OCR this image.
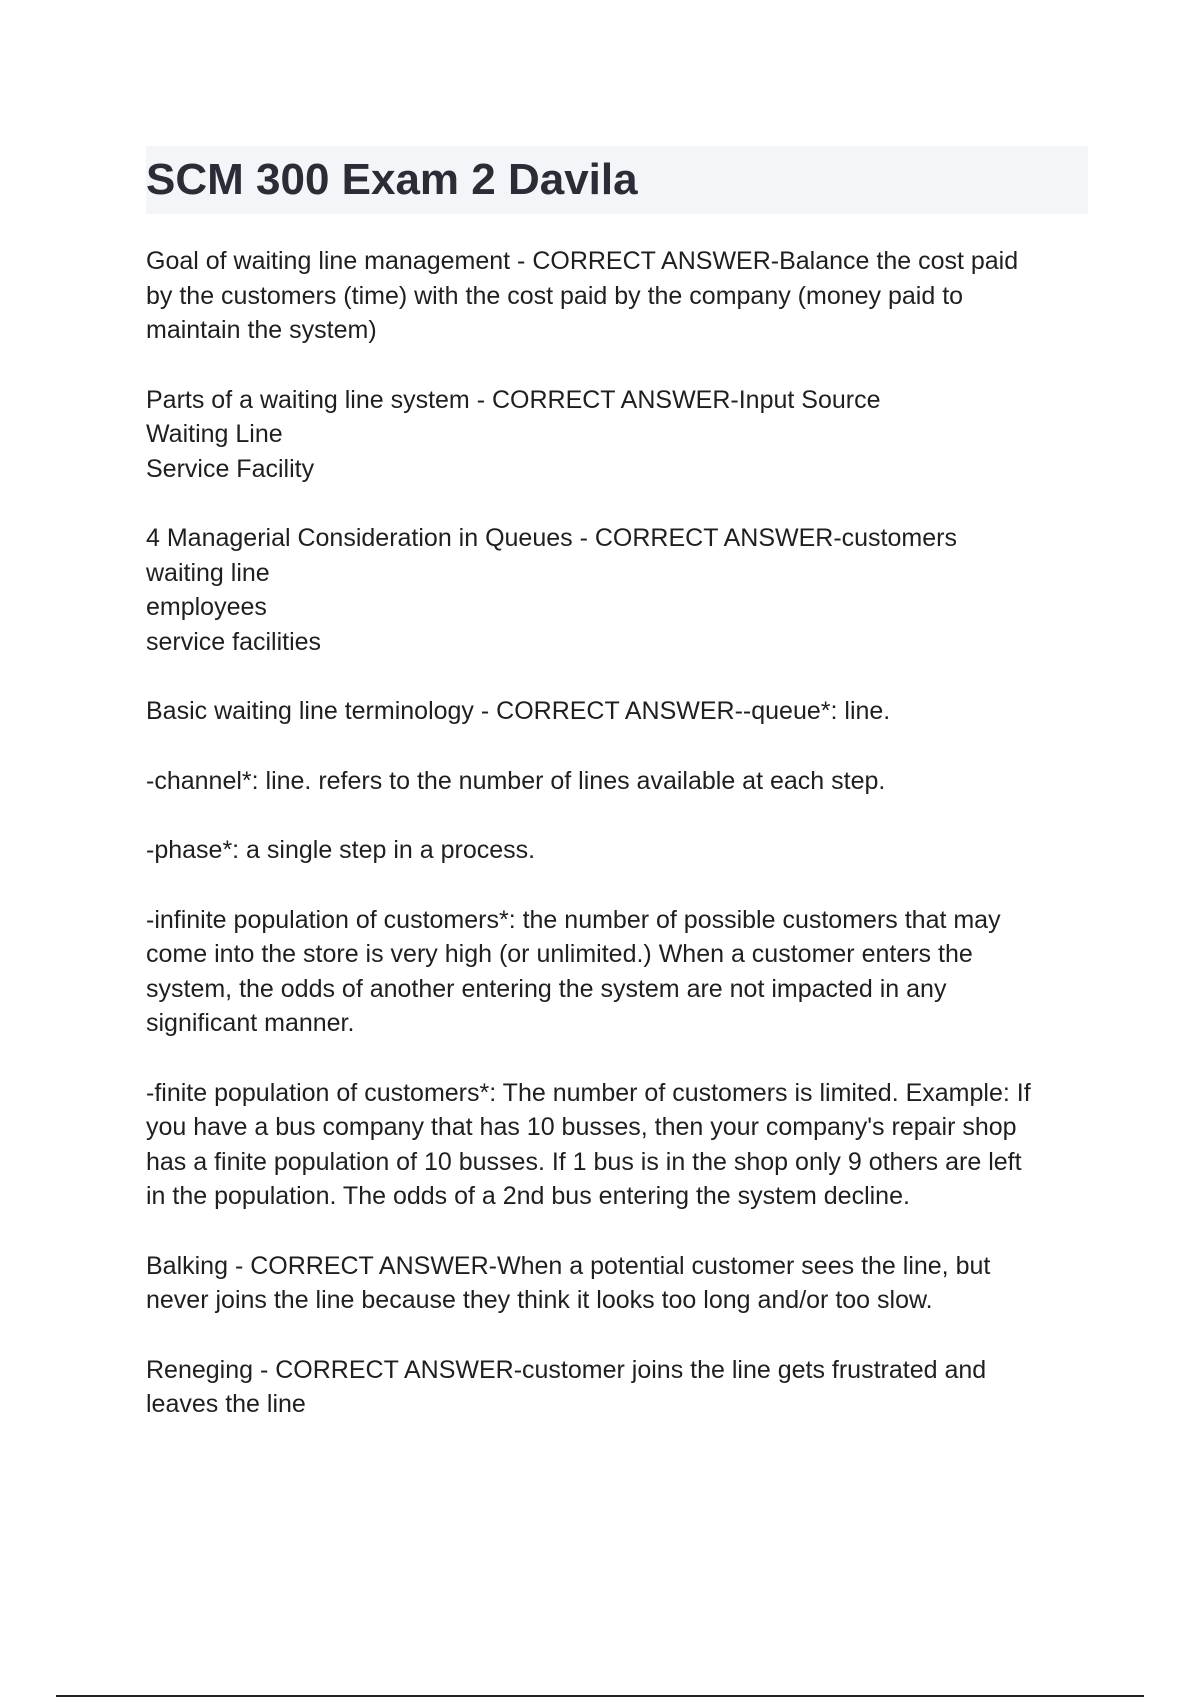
SCM 300 Exam 2 Davila

Goal of waiting line management - CORRECT ANSWER-Balance the cost paid
by the customers (time) with the cost paid by the company (money paid to
maintain the system)

Parts of a waiting line system - CORRECT ANSWER-Input Source
Waiting Line
Service Facility

4 Managerial Consideration in Queues - CORRECT ANSWER-customers
waiting line
employees
service facilities

Basic waiting line terminology - CORRECT ANSWER--queue*: line.

-channel*: line. refers to the number of lines available at each step.

-phase*: a single step in a process.

-infinite population of customers*: the number of possible customers that may
come into the store is very high (or unlimited.) When a customer enters the
system, the odds of another entering the system are not impacted in any
significant manner.

-finite population of customers*: The number of customers is limited. Example: If
you have a bus company that has 10 busses, then your company's repair shop
has a finite population of 10 busses. If 1 bus is in the shop only 9 others are left
in the population. The odds of a 2nd bus entering the system decline.

Balking - CORRECT ANSWER-When a potential customer sees the line, but
never joins the line because they think it looks too long and/or too slow.

Reneging - CORRECT ANSWER-customer joins the line gets frustrated and
leaves the line
